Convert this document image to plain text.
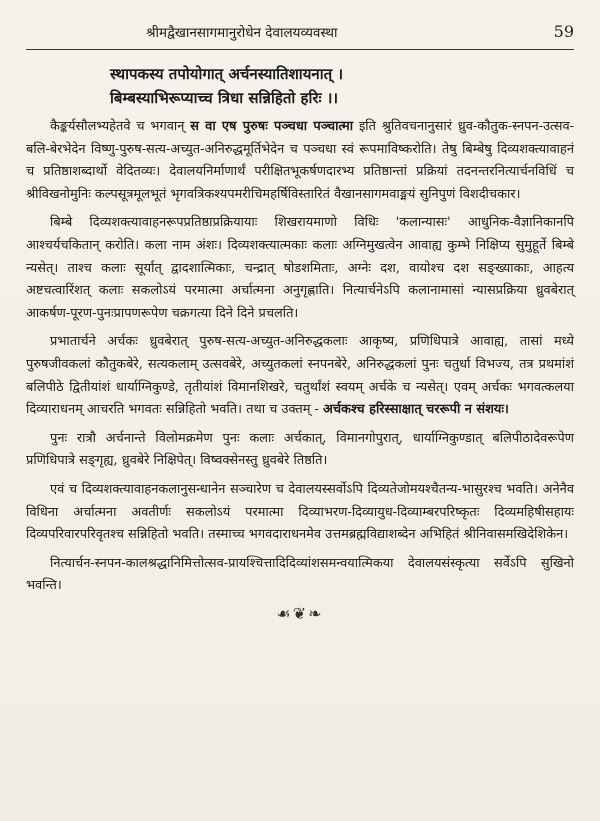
श्रीमद्वैखानसागमानुरोधेन देवालयव्यवस्था	59
स्थापकस्य तपोयोगात् अर्चनस्यातिशायनात् ।
बिम्बस्याभिरूप्याच्च त्रिधा सन्निहितो हरिः ।।

कैङ्कर्यसौलभ्यहेतवे च भगवान् स वा एष पुरुषः पञ्चधा पञ्चात्मा इति श्रुतिवचनानुसारं ध्रुव-कौतुक-स्नपन-उत्सव-बलि-बेरभेदेन विष्णु-पुरुष-सत्य-अच्युत-अनिरुद्धमूर्तिभेदेन च पञ्चधा स्वं रूपमाविष्करोति। तेषु बिम्बेषु दिव्यशक्त्यावाहनं च प्रतिष्ठाशब्दार्थो वेदितव्यः। देवालयनिर्माणार्थं परीक्षितभूकर्षणदारभ्य प्रतिष्ठान्तां प्रक्रियां तदनन्तरनित्यार्चनविधिं च श्रीविखनोमुनिः कल्पसूत्रमूलभूतं भृगवत्रिकश्यपमरीचिमहर्षिविस्तारितं वैखानसागमवाङ्मयं सुनिपुणं विशदीचकार।

बिम्बे दिव्यशक्त्यावाहनरूपप्रतिष्ठाप्रक्रियायाः शिखरायमाणो विधिः 'कलान्यासः' आधुनिक-वैज्ञानिकानपि आश्चर्यचकितान् करोति। कला नाम अंशः। दिव्यशक्त्यात्मकाः कलाः अग्निमुखत्वेन आवाह्य कुम्भे निक्षिप्य सुमुहूर्ते बिम्बे न्यसेत्। ताश्च कलाः सूर्यात् द्वादशात्मिकाः, चन्द्रात् षोडशमिताः, अग्नेः दश, वायोश्च दश सङ्ख्याकाः, आहत्य अष्टचत्वारिंशत् कलाः सकलोऽयं परमात्मा अर्चात्मना अनुगृह्णाति। नित्यार्चनेऽपि कलानामासां न्यासप्रक्रिया ध्रुवबेरात् आकर्षण-पूरण-पुनःप्रापणरूपेण चक्रगत्या दिने दिने प्रचलति।

प्रभातार्चने अर्चकः ध्रुवबेरात् पुरुष-सत्य-अच्युत-अनिरुद्धकलाः आकृष्य, प्रणिधिपात्रे आवाह्य, तासां मध्ये पुरुषजीवकलां कौतुकबेरे, सत्यकलाम् उत्सवबेरे, अच्युतकलां स्नपनबेरे, अनिरुद्धकलां पुनः चतुर्धा विभज्य, तत्र प्रथमांशं बलिपीठे द्वितीयांशं धार्याग्निकुण्डे, तृतीयांशं विमानशिखरे, चतुर्थांशं स्वयम् अर्चके च न्यसेत्। एवम् अर्चकः भगवत्कलया दिव्याराधनम् आचरति भगवतः सन्निहितो भवति। तथा च उक्तम् - अर्चकश्च हरिस्साक्षात् चररूपी न संशयः।

पुनः रात्रौ अर्चनान्ते विलोमक्रमेण पुनः कलाः अर्चकात्, विमानगोपुरात्, धार्याग्निकुण्डात् बलिपीठादेवरूपेण प्रणिधिपात्रे सङ्गृह्य, ध्रुवबेरे निक्षिपेत्। विष्वक्सेनस्तु ध्रुवबेरे तिष्ठति।

एवं च दिव्यशक्त्यावाहनकलानुसन्धानेन सञ्चारेण च देवालयस्सर्वोऽपि दिव्यतेजोमयश्चैतन्य-भासुरश्च भवति। अनेनैव विधिना अर्चात्मना अवतीर्णः सकलोऽयं परमात्मा दिव्याभरण-दिव्यायुध-दिव्याम्बरपरिष्कृतः दिव्यमहिषीसहायः दिव्यपरिवारपरिवृतश्च सन्निहितो भवति। तस्माच्च भगवदाराधनमेव उत्तमब्रह्मविद्याशब्देन अभिहितं श्रीनिवासमखिदेशिकेन।

नित्यार्चन-स्नपन-कालश्रद्धानिमित्तोत्सव-प्रायश्चित्तादिदिव्यांशसमन्वयात्मिकया देवालयसंस्कृत्या सर्वेऽपि सुखिनो भवन्ति।

☙❦❧
